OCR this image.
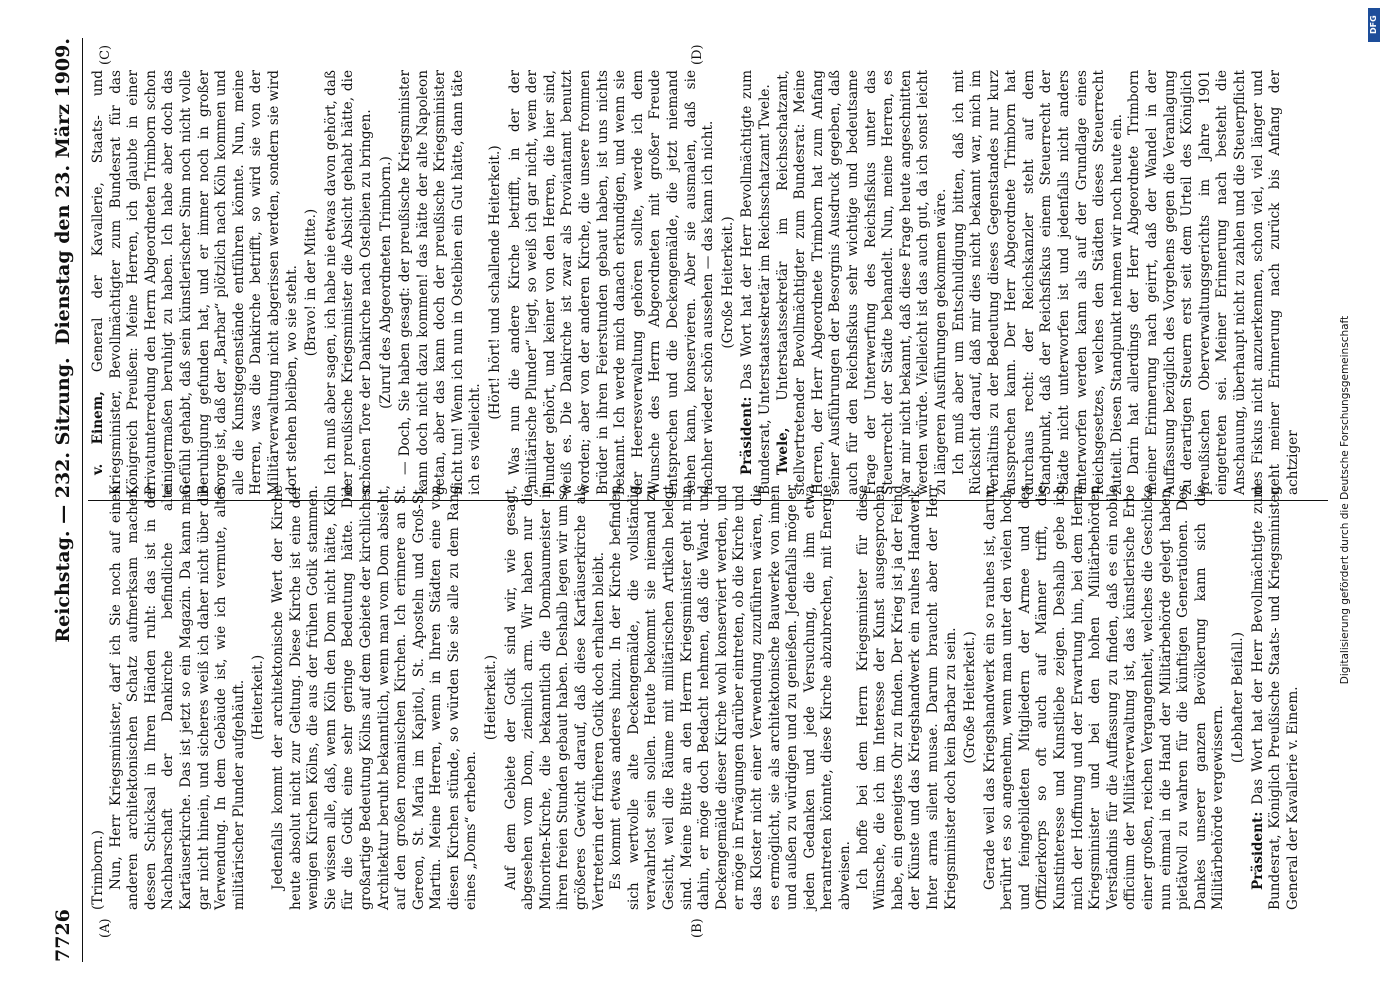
7726
Reichstag. — 232. Sitzung.
Dienstag den 23. März 1909.
(A)	(B)
(C)	(D)

(Trimborn.) Nun, Herr Kriegsminister, darf ich Sie noch auf einen anderen architektonischen Schatz aufmerksam machen, dessen Schicksal in Ihren Händen ruht: das ist in der Nachbarschaft der Dankirche befindliche alte Kartäuserkirche. Das ist jetzt so ein Magazin. Da kann man gar nicht hinein, und sicheres weiß ich daher nicht über die Verwendung. In dem Gebäude ist, wie ich vermute, alter militärischer Plunder aufgehäuft. (Heiterkeit.) Jedenfalls kommt der architektonische Wert der Kirche heute absolut nicht zur Geltung. Diese Kirche ist eine der wenigen Kirchen Kölns, die aus der frühen Gotik stammen. Sie wissen alle, daß, wenn Köln den Dom nicht hätte, Köln für die Gotik eine sehr geringe Bedeutung hätte. Die großartige Bedeutung Kölns auf dem Gebiete der kirchlichen Architektur beruht bekanntlich, wenn man vom Dom absieht, auf den großen romanischen Kirchen. Ich erinnere an St. Gereon, St. Maria im Kapitol, St. Aposteln und Groß-St. Martin. Meine Herren, wenn in Ihren Städten eine von diesen Kirchen stünde, so würden Sie sie alle zu dem Rang eines „Doms“ erheben.

(Heiterkeit.) Auf dem Gebiete der Gotik sind wir, wie gesagt, abgesehen vom Dom, ziemlich arm. Wir haben nur die Minoriten-Kirche, die bekanntlich die Dombaumeister in ihren freien Stunden gebaut haben. Deshalb legen wir um so größeres Gewicht darauf, daß diese Kartäuserkirche als Vertreterin der früheren Gotik doch erhalten bleibt. Es kommt etwas anderes hinzu. In der Kirche befinden sich wertvolle alte Deckengemälde, die vollständig verwahrlost sein sollen. Heute bekommt sie niemand zu Gesicht, weil die Räume mit militärischen Artikeln belegt sind. Meine Bitte an den Herrn Kriegsminister geht nun dahin, er möge doch Bedacht nehmen, daß die Wand- und Deckengemälde dieser Kirche wohl konserviert werden, und er möge in Erwägungen darüber eintreten, ob die Kirche und das Kloster nicht einer Verwendung zuzuführen wären, die es ermöglicht, sie als architektonische Bauwerke von innen und außen zu würdigen und zu genießen. Jedenfalls möge er jeden Gedanken und jede Versuchung, die ihm etwa herantreten könnte, diese Kirche abzubrechen, mit Energie abweisen. Ich hoffe bei dem Herrn Kriegsminister für diese Wünsche, die ich im Interesse der Kunst ausgesprochen habe, ein geneigtes Ohr zu finden. Der Krieg ist ja der Feind der Künste und das Kriegshandwerk ein rauhes Handwerk. Inter arma silent musae. Darum braucht aber der Herr Kriegsminister doch kein Barbar zu sein. (Große Heiterkeit.) Gerade weil das Kriegshandwerk ein so rauhes ist, darum berührt es so angenehm, wenn man unter den vielen hoch- und feingebildeten Mitgliedern der Armee und des Offizierkorps so oft auch auf Männer trifft, die Kunstinteresse und Kunstliebe zeigen. Deshalb gebe ich mich der Hoffnung und der Erwartung hin, bei dem Herrn Kriegsminister und bei den hohen Militärbehörden Verständnis für die Auffassung zu finden, daß es ein nobile officium der Militärverwaltung ist, das künstlerische Erbe einer großen, reichen Vergangenheit, welches die Geschicke nun einmal in die Hand der Militärbehörde gelegt haben, pietätvoll zu wahren für die künftigen Generationen. Des Dankes unserer ganzen Bevölkerung kann sich die Militärbehörde vergewissern.

(Lebhafter Beifall.)

Präsident: Das Wort hat der Herr Bevollmächtigte zum Bundesrat, Königlich Preußische Staats- und Kriegsminister, General der Kavallerie v. Einem.

v. Einem, General der Kavallerie, Staats- und Kriegsminister, Bevollmächtigter zum Bundesrat für das Königreich Preußen: Meine Herren, ich glaubte in einer Privatunterredung den Herrn Abgeordneten Trimborn schon einigermaßen beruhigt zu haben. Ich habe aber doch das Gefühl gehabt, daß sein künstlerischer Sinn noch nicht volle Beruhigung gefunden hat, und er immer noch in großer Sorge ist, daß der „Barbar“ plötzlich nach Köln kommen und alle die Kunstgegenstände entführen könnte. Nun, meine Herren, was die Dankirche betrifft, so wird sie von der Militärverwaltung nicht abgerissen werden, sondern sie wird dort stehen bleiben, wo sie steht. (Bravo! in der Mitte.) Ich muß aber sagen, ich habe nie etwas davon gehört, daß der preußische Kriegsminister die Absicht gehabt hätte, die schönen Tore der Dankirche nach Ostelbien zu bringen. (Zuruf des Abgeordneten Trimborn.) — Doch, Sie haben gesagt: der preußische Kriegsminister kann doch nicht dazu kommen! das hätte der alte Napoleon getan, aber das kann doch der preußische Kriegsminister nicht tun! Wenn ich nun in Ostelbien ein Gut hätte, dann täte ich es vielleicht.

(Hört! hört! und schallende Heiterkeit.) Was nun die andere Kirche betrifft, in der der „militärische Plunder“ liegt, so weiß ich gar nicht, wem der Plunder gehört, und keiner von den Herren, die hier sind, weiß es. Die Dankirche ist zwar als Proviantamt benutzt worden; aber von der anderen Kirche, die unsere frommen Brüder in ihren Feierstunden gebaut haben, ist uns nichts bekannt. Ich werde mich danach erkundigen, und wenn sie der Heeresverwaltung gehören sollte, werde ich dem Wunsche des Herrn Abgeordneten mit großer Freude entsprechen und die Deckengemälde, die jetzt niemand sehen kann, konservieren. Aber sie ausmalen, daß sie nachher wieder schön aussehen — das kann ich nicht. (Große Heiterkeit.)

Präsident: Das Wort hat der Herr Bevollmächtigte zum Bundesrat, Unterstaatssekretär im Reichsschatzamt Twele. Twele, Unterstaatssekretär im Reichsschatzamt, stellvertretender Bevollmächtigter zum Bundesrat: Meine Herren, der Herr Abgeordnete Trimborn hat zum Anfang seiner Ausführungen der Besorgnis Ausdruck gegeben, daß auch für den Reichsfiskus sehr wichtige und bedeutsame Frage der Unterwerfung des Reichsfiskus unter das Steuerrecht der Städte behandelt. Nun, meine Herren, es war mir nicht bekannt, daß diese Frage heute angeschnitten werden würde. Vielleicht ist das auch gut, da ich sonst leicht zu längeren Ausführungen gekommen wäre. Ich muß aber um Entschuldigung bitten, daß ich mit Rücksicht darauf, daß mir dies nicht bekannt war, mich im Verhältnis zu der Bedeutung dieses Gegenstandes nur kurz aussprechen kann. Der Herr Abgeordnete Trimborn hat durchaus recht: der Reichskanzler steht auf dem Standpunkt, daß der Reichsfiskus einem Steuerrecht der Städte nicht unterworfen ist und jedenfalls nicht anders unterworfen werden kann als auf der Grundlage eines Reichsgesetzes, welches den Städten dieses Steuerrecht zuteilt. Diesen Standpunkt nehmen wir noch heute ein. Darin hat allerdings der Herr Abgeordnete Trimborn meiner Erinnerung nach geirrt, daß der Wandel in der Auffassung bezüglich des Vorgehens gegen die Veranlagung zu derartigen Steuern erst seit dem Urteil des Königlich preußischen Oberverwaltungsgerichts im Jahre 1901 eingetreten sei. Meiner Erinnerung nach besteht die Anschauung, überhaupt nicht zu zahlen und die Steuerpflicht des Fiskus nicht anzuerkennen, schon viel, viel länger und geht meiner Erinnerung nach zurück bis Anfang der achtziger	Digitalisierung gefördert durch die Deutsche Forschungsgemeinschaft
DFG
